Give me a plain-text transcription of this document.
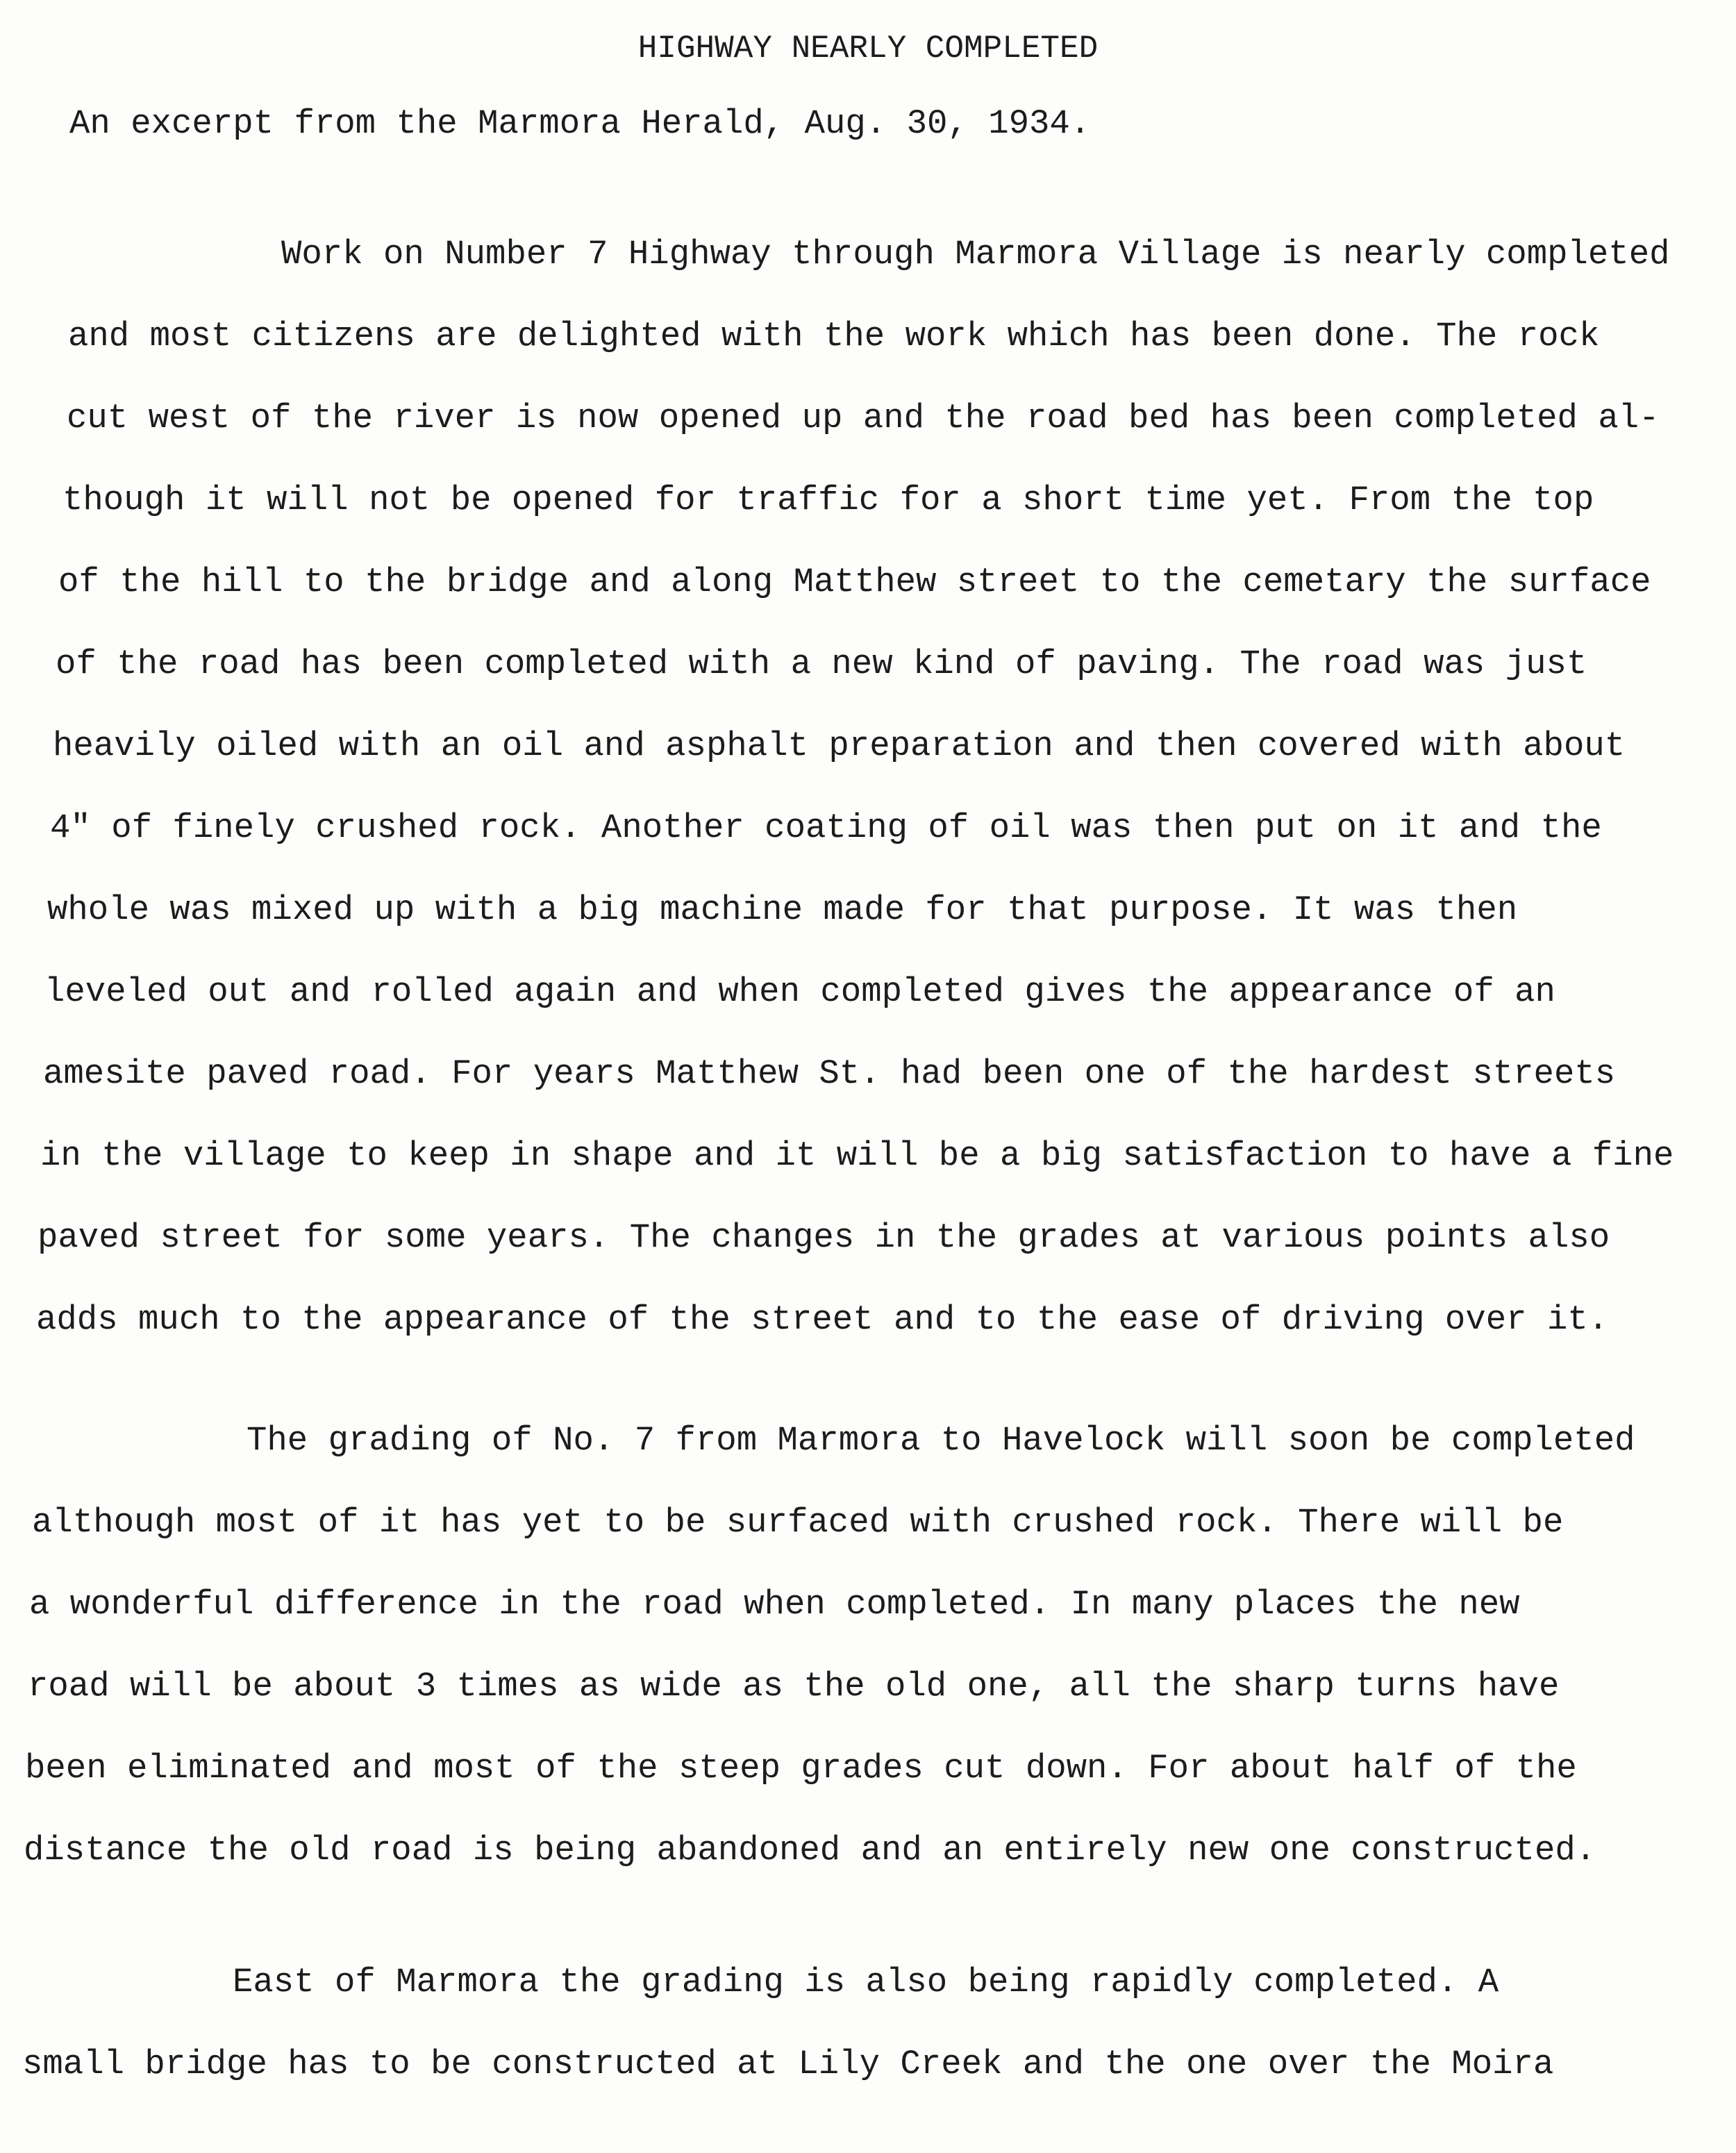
HIGHWAY NEARLY COMPLETED
An excerpt from the Marmora Herald, Aug. 30, 1934.
Work on Number 7 Highway through Marmora Village is nearly completed
and most citizens are delighted with the work which has been done. The rock
cut west of the river is now opened up and the road bed has been completed al-
though it will not be opened for traffic for a short time yet. From the top
of the hill to the bridge and along Matthew street to the cemetary the surface
of the road has been completed with a new kind of paving. The road was just
heavily oiled with an oil and asphalt preparation and then covered with about
4" of finely crushed rock. Another coating of oil was then put on it and the
whole was mixed up with a big machine made for that purpose. It was then
leveled out and rolled again and when completed gives the appearance of an
amesite paved road. For years Matthew St. had been one of the hardest streets
in the village to keep in shape and it will be a big satisfaction to have a fine
paved street for some years. The changes in the grades at various points also
adds much to the appearance of the street and to the ease of driving over it.
The grading of No. 7 from Marmora to Havelock will soon be completed
although most of it has yet to be surfaced with crushed rock. There will be
a wonderful difference in the road when completed. In many places the new
road will be about 3 times as wide as the old one, all the sharp turns have
been eliminated and most of the steep grades cut down. For about half of the
distance the old road is being abandoned and an entirely new one constructed.
East of Marmora the grading is also being rapidly completed. A
small bridge has to be constructed at Lily Creek and the one over the Moira
